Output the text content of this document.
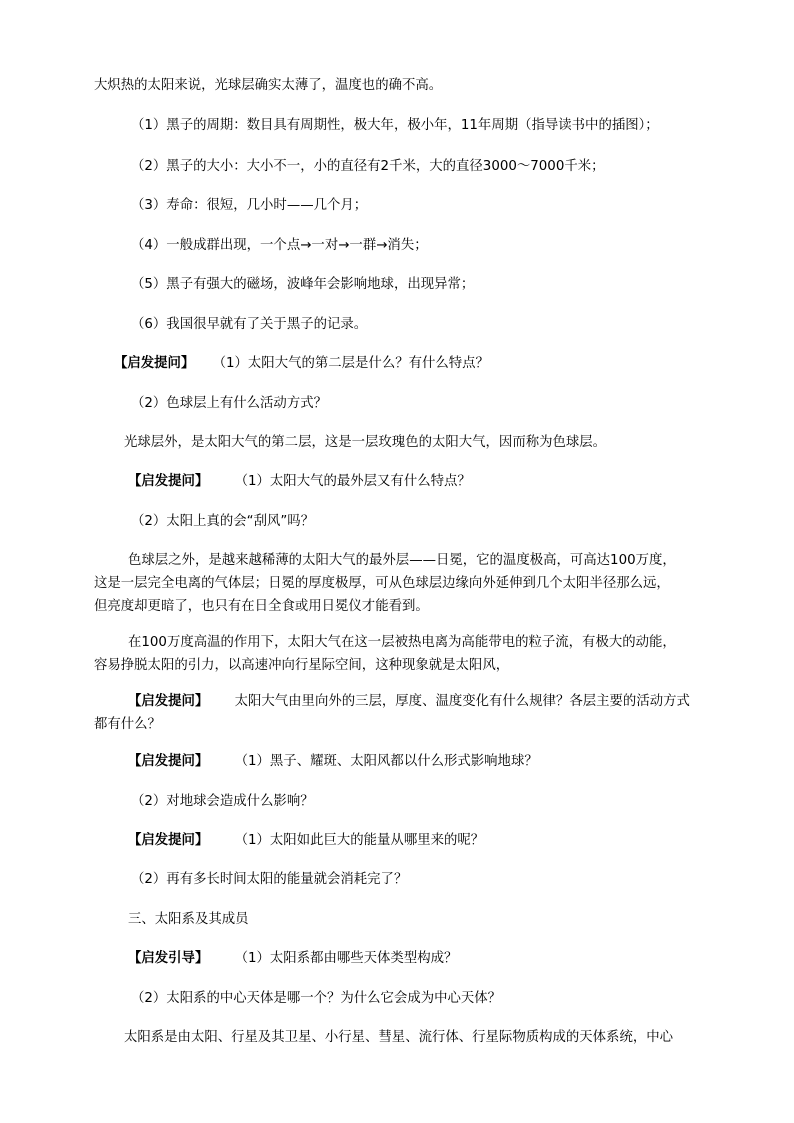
大炽热的太阳来说，光球层确实太薄了，温度也的确不高。
（1）黑子的周期：数目具有周期性，极大年，极小年，11年周期（指导读书中的插图）；
（2）黑子的大小：大小不一，小的直径有2千米，大的直径3000～7000千米；
（3）寿命：很短，几小时——几个月；
（4）一般成群出现，一个点→一对→一群→消失；
（5）黑子有强大的磁场，波峰年会影响地球，出现异常；
（6）我国很早就有了关于黑子的记录。
【启发提问】 （1）太阳大气的第二层是什么？有什么特点？
（2）色球层上有什么活动方式？
光球层外，是太阳大气的第二层，这是一层玫瑰色的太阳大气，因而称为色球层。
【启发提问】 （1）太阳大气的最外层又有什么特点？
（2）太阳上真的会“刮风”吗？
色球层之外，是越来越稀薄的太阳大气的最外层——日冕，它的温度极高，可高达100万度，
这是一层完全电离的气体层；日冕的厚度极厚，可从色球层边缘向外延伸到几个太阳半径那么远，
但亮度却更暗了，也只有在日全食或用日冕仪才能看到。
在100万度高温的作用下，太阳大气在这一层被热电离为高能带电的粒子流，有极大的动能，
容易挣脱太阳的引力，以高速冲向行星际空间，这种现象就是太阳风，
【启发提问】 太阳大气由里向外的三层，厚度、温度变化有什么规律？各层主要的活动方式
都有什么？
【启发提问】 （1）黑子、耀斑、太阳风都以什么形式影响地球？
（2）对地球会造成什么影响？
【启发提问】 （1）太阳如此巨大的能量从哪里来的呢？
（2）再有多长时间太阳的能量就会消耗完了？
三、太阳系及其成员
【启发引导】 （1）太阳系都由哪些天体类型构成？
（2）太阳系的中心天体是哪一个？为什么它会成为中心天体？
太阳系是由太阳、行星及其卫星、小行星、彗星、流行体、行星际物质构成的天体系统，中心
